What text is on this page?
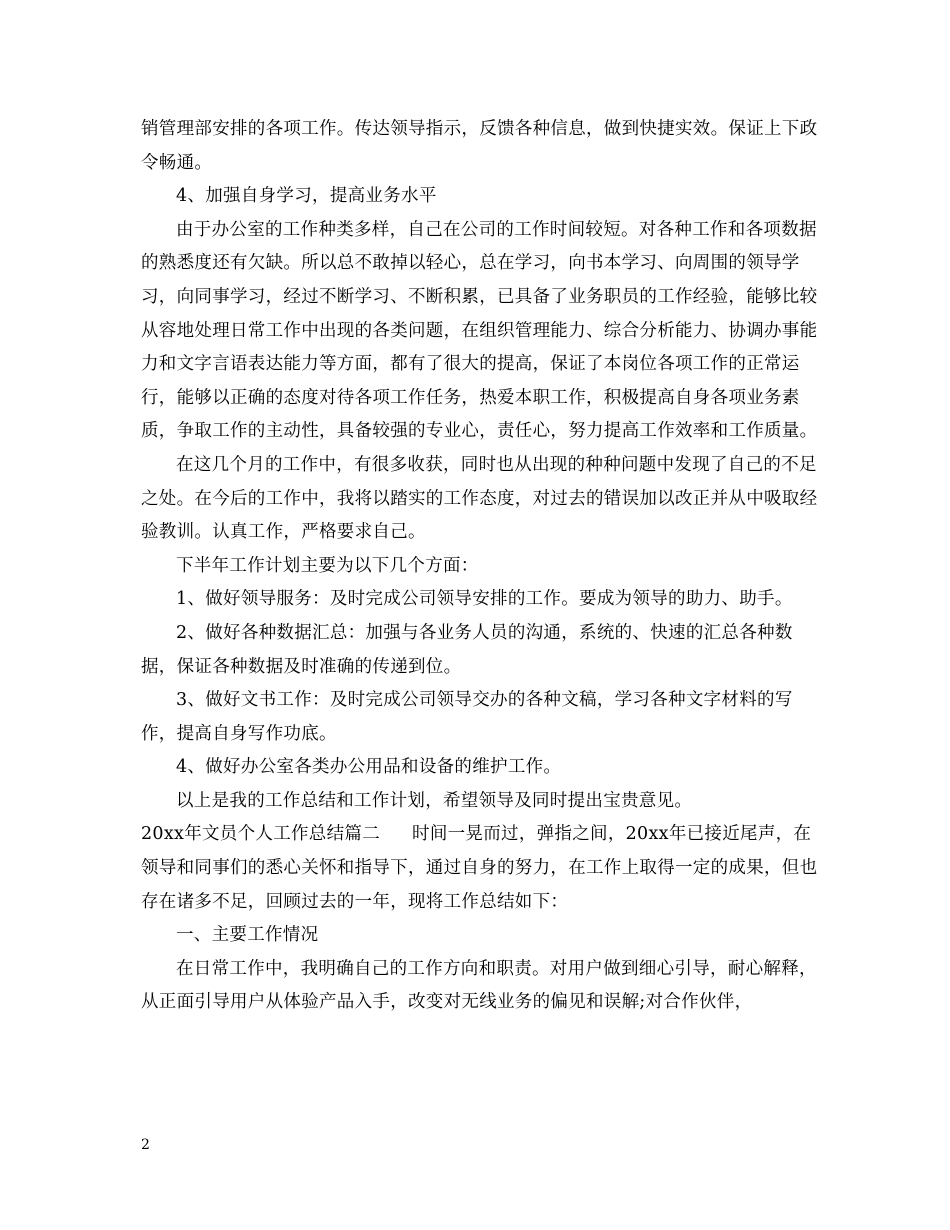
销管理部安排的各项工作。传达领导指示，反馈各种信息，做到快捷实效。保证上下政令畅通。

4、加强自身学习，提高业务水平

由于办公室的工作种类多样，自己在公司的工作时间较短。对各种工作和各项数据的熟悉度还有欠缺。所以总不敢掉以轻心，总在学习，向书本学习、向周围的领导学习，向同事学习，经过不断学习、不断积累，已具备了业务职员的工作经验，能够比较从容地处理日常工作中出现的各类问题，在组织管理能力、综合分析能力、协调办事能力和文字言语表达能力等方面，都有了很大的提高，保证了本岗位各项工作的正常运行，能够以正确的态度对待各项工作任务，热爱本职工作，积极提高自身各项业务素质，争取工作的主动性，具备较强的专业心，责任心，努力提高工作效率和工作质量。

在这几个月的工作中，有很多收获，同时也从出现的种种问题中发现了自己的不足之处。在今后的工作中，我将以踏实的工作态度，对过去的错误加以改正并从中吸取经验教训。认真工作，严格要求自己。

下半年工作计划主要为以下几个方面：

1、做好领导服务：及时完成公司领导安排的工作。要成为领导的助力、助手。

2、做好各种数据汇总：加强与各业务人员的沟通，系统的、快速的汇总各种数据，保证各种数据及时准确的传递到位。

3、做好文书工作：及时完成公司领导交办的各种文稿，学习各种文字材料的写作，提高自身写作功底。

4、做好办公室各类办公用品和设备的维护工作。

以上是我的工作总结和工作计划，希望领导及同时提出宝贵意见。

20xx年文员个人工作总结篇二 时间一晃而过，弹指之间，20xx年已接近尾声，在领导和同事们的悉心关怀和指导下，通过自身的努力，在工作上取得一定的成果，但也存在诸多不足，回顾过去的一年，现将工作总结如下：

一、主要工作情况

在日常工作中，我明确自己的工作方向和职责。对用户做到细心引导，耐心解释，从正面引导用户从体验产品入手，改变对无线业务的偏见和误解;对合作伙伴，

2
